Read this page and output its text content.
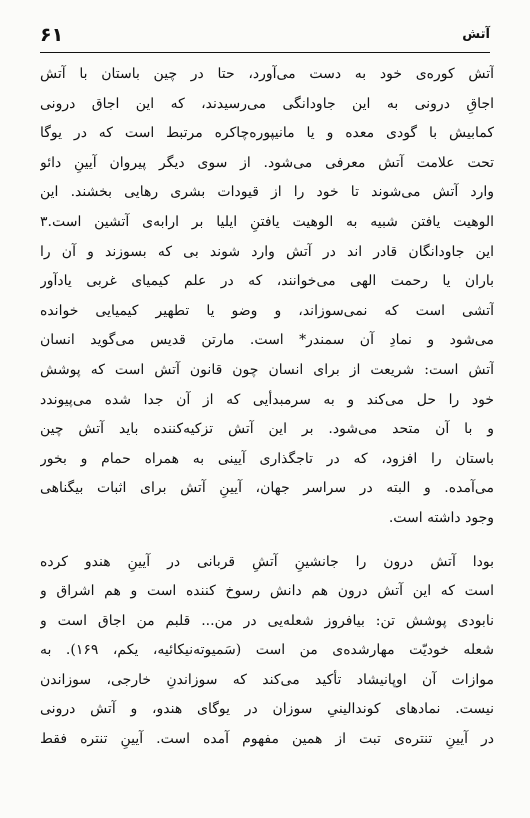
۶۱	آتش
آتش کوره‌ی خود به دست می‌آورد، حتا در چین باستان با آتش
اجاقِ درونی به این جاودانگی می‌رسیدند، که این اجاق درونی
کمابیش با گودی معده و یا مانیپوره‌چاکره مرتبط است که در یوگا
تحت علامت آتش معرفی می‌شود. از سوی دیگر پیروان آیینِ دائو
وارد آتش می‌شوند تا خود را از قیودات بشری رهایی بخشند. این
الوهیت یافتن شبیه به الوهیت یافتنِ ایلیا بر ارابه‌ی آتشین است.۳
این جاودانگان قادر اند در آتش وارد شوند بی که بسوزند و آن را
باران یا رحمت الهی می‌خوانند، که در علم کیمیای غربی یادآور
آتشی است که نمی‌سوزاند، و وضو یا تطهیر کیمیایی خوانده
می‌شود و نمادِ آن سمندر* است. مارتن قدیس می‌گوید انسان
آتش است: شریعت از برای انسان چون قانون آتش است که پوشش
خود را حل می‌کند و به سرمبدأیی که از آن جدا شده می‌پیوندد
و با آن متحد می‌شود. بر این آتش تزکیه‌کننده باید آتش چین
باستان را افزود، که در تاجگذاری آیینی به همراه حمام و بخور
می‌آمده. و البته در سراسر جهان، آیینِ آتش برای اثبات بیگناهی
وجود داشته است.
بودا آتش درون را جانشینِ آتشِ قربانی در آیینِ هندو کرده
است که این آتش درون هم دانش رسوخ کننده است و هم اشراق و
نابودی پوشش تن: بیافروز شعله‌یی در من... قلبم من اجاق است و
شعله خودیّت مهارشده‌ی من است (سَمیوته‌نیکائیه، یکم، ۱۶۹). به
موازات آن اوپانیشاد تأکید می‌کند که سوزاندنِ خارجی، سوزاندن
نیست. نمادهای کوندالینیِ سوزان در یوگای هندو، و آتش درونی
در آیینِ تنتره‌ی تبت از همین مفهوم آمده است. آیینِ تنتره فقط
